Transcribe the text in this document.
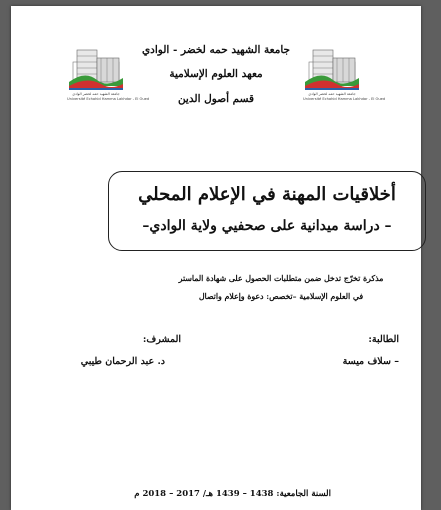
جامعة الشهيد حمه لخضر الوادي
Université Echahid Hamma Lakhdar - El Oued
جامعة الشهيد حمه لخضر - الوادي
معهد العلوم الإسلامية
قسم أصول الدين	جامعة الشهيد حمه لخضر الوادي
Université Echahid Hamma Lakhdar - El Oued
أخلاقيات المهنة في الإعلام المحلي
– دراسة ميدانية على صحفيي ولاية الوادي–
مذكرة تخرّج تدخل ضمن متطلبات الحصول على شهادة الماستر
في العلوم الإسلامية –تخصص: دعوة وإعلام واتصال
الطالبة:
– سلاف ميسة
المشرف:
د. عبد الرحمان طيبي
السنة الجامعية: 1438 – 1439 هـ/ 2017 – 2018 م
